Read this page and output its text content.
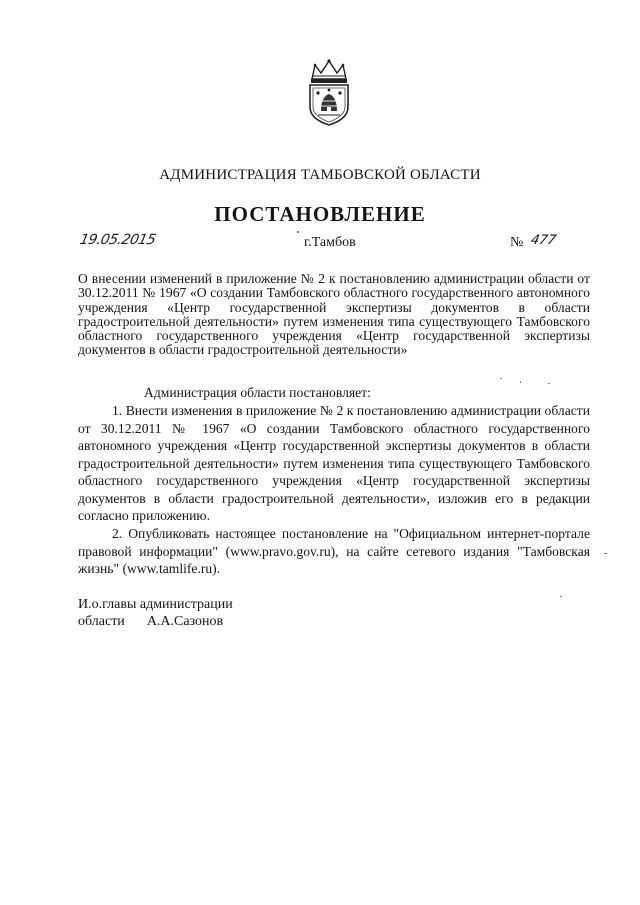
АДМИНИСТРАЦИЯ ТАМБОВСКОЙ ОБЛАСТИ
ПОСТАНОВЛЕНИЕ
19.05.2015	г.Тамбов	№ 477
О внесении изменений в приложение № 2 к постановлению администрации области от 30.12.2011 № 1967 «О создании Тамбовского областного государственного автономного учреждения «Центр государственной экспертизы документов в области градостроительной деятельности» путем изменения типа существующего Тамбовского областного государственного учреждения «Центр государственной экспертизы документов в области градостроительной деятельности»
Администрация области постановляет:
1. Внести изменения в приложение № 2 к постановлению администрации области от 30.12.2011 № 1967 «О создании Тамбовского областного государственного автономного учреждения «Центр государственной экспертизы документов в области градостроительной деятельности» путем изменения типа существующего Тамбовского областного государственного учреждения «Центр государственной экспертизы документов в области градостроительной деятельности», изложив его в редакции согласно приложению.
2. Опубликовать настоящее постановление на "Официальном интернет-портале правовой информации" (www.pravo.gov.ru), на сайте сетевого издания "Тамбовская жизнь" (www.tamlife.ru).
И.о.главы администрации
области А.А.Сазонов
